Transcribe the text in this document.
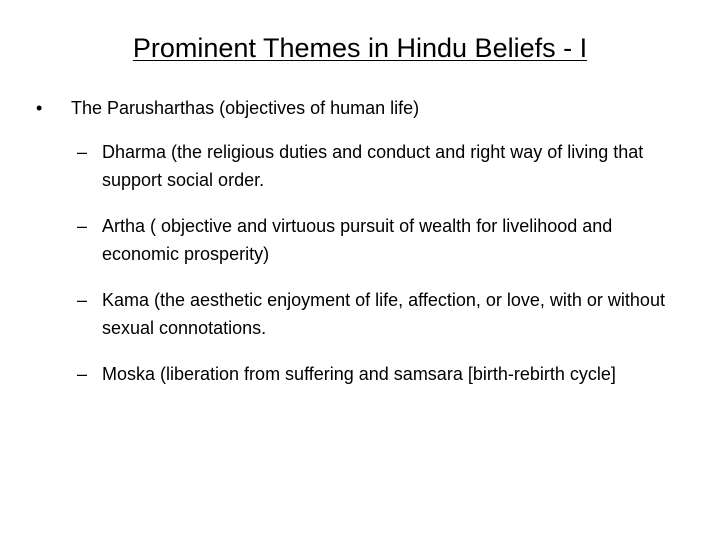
Prominent Themes in Hindu Beliefs - I
•	The Parusharthas (objectives of human life)
– Dharma (the religious duties and conduct and right way of living that support social order.
– Artha ( objective and virtuous pursuit of wealth for livelihood and economic prosperity)
– Kama (the aesthetic enjoyment of life, affection, or love, with or without sexual connotations.
– Moska (liberation from suffering and samsara [birth-rebirth cycle]
